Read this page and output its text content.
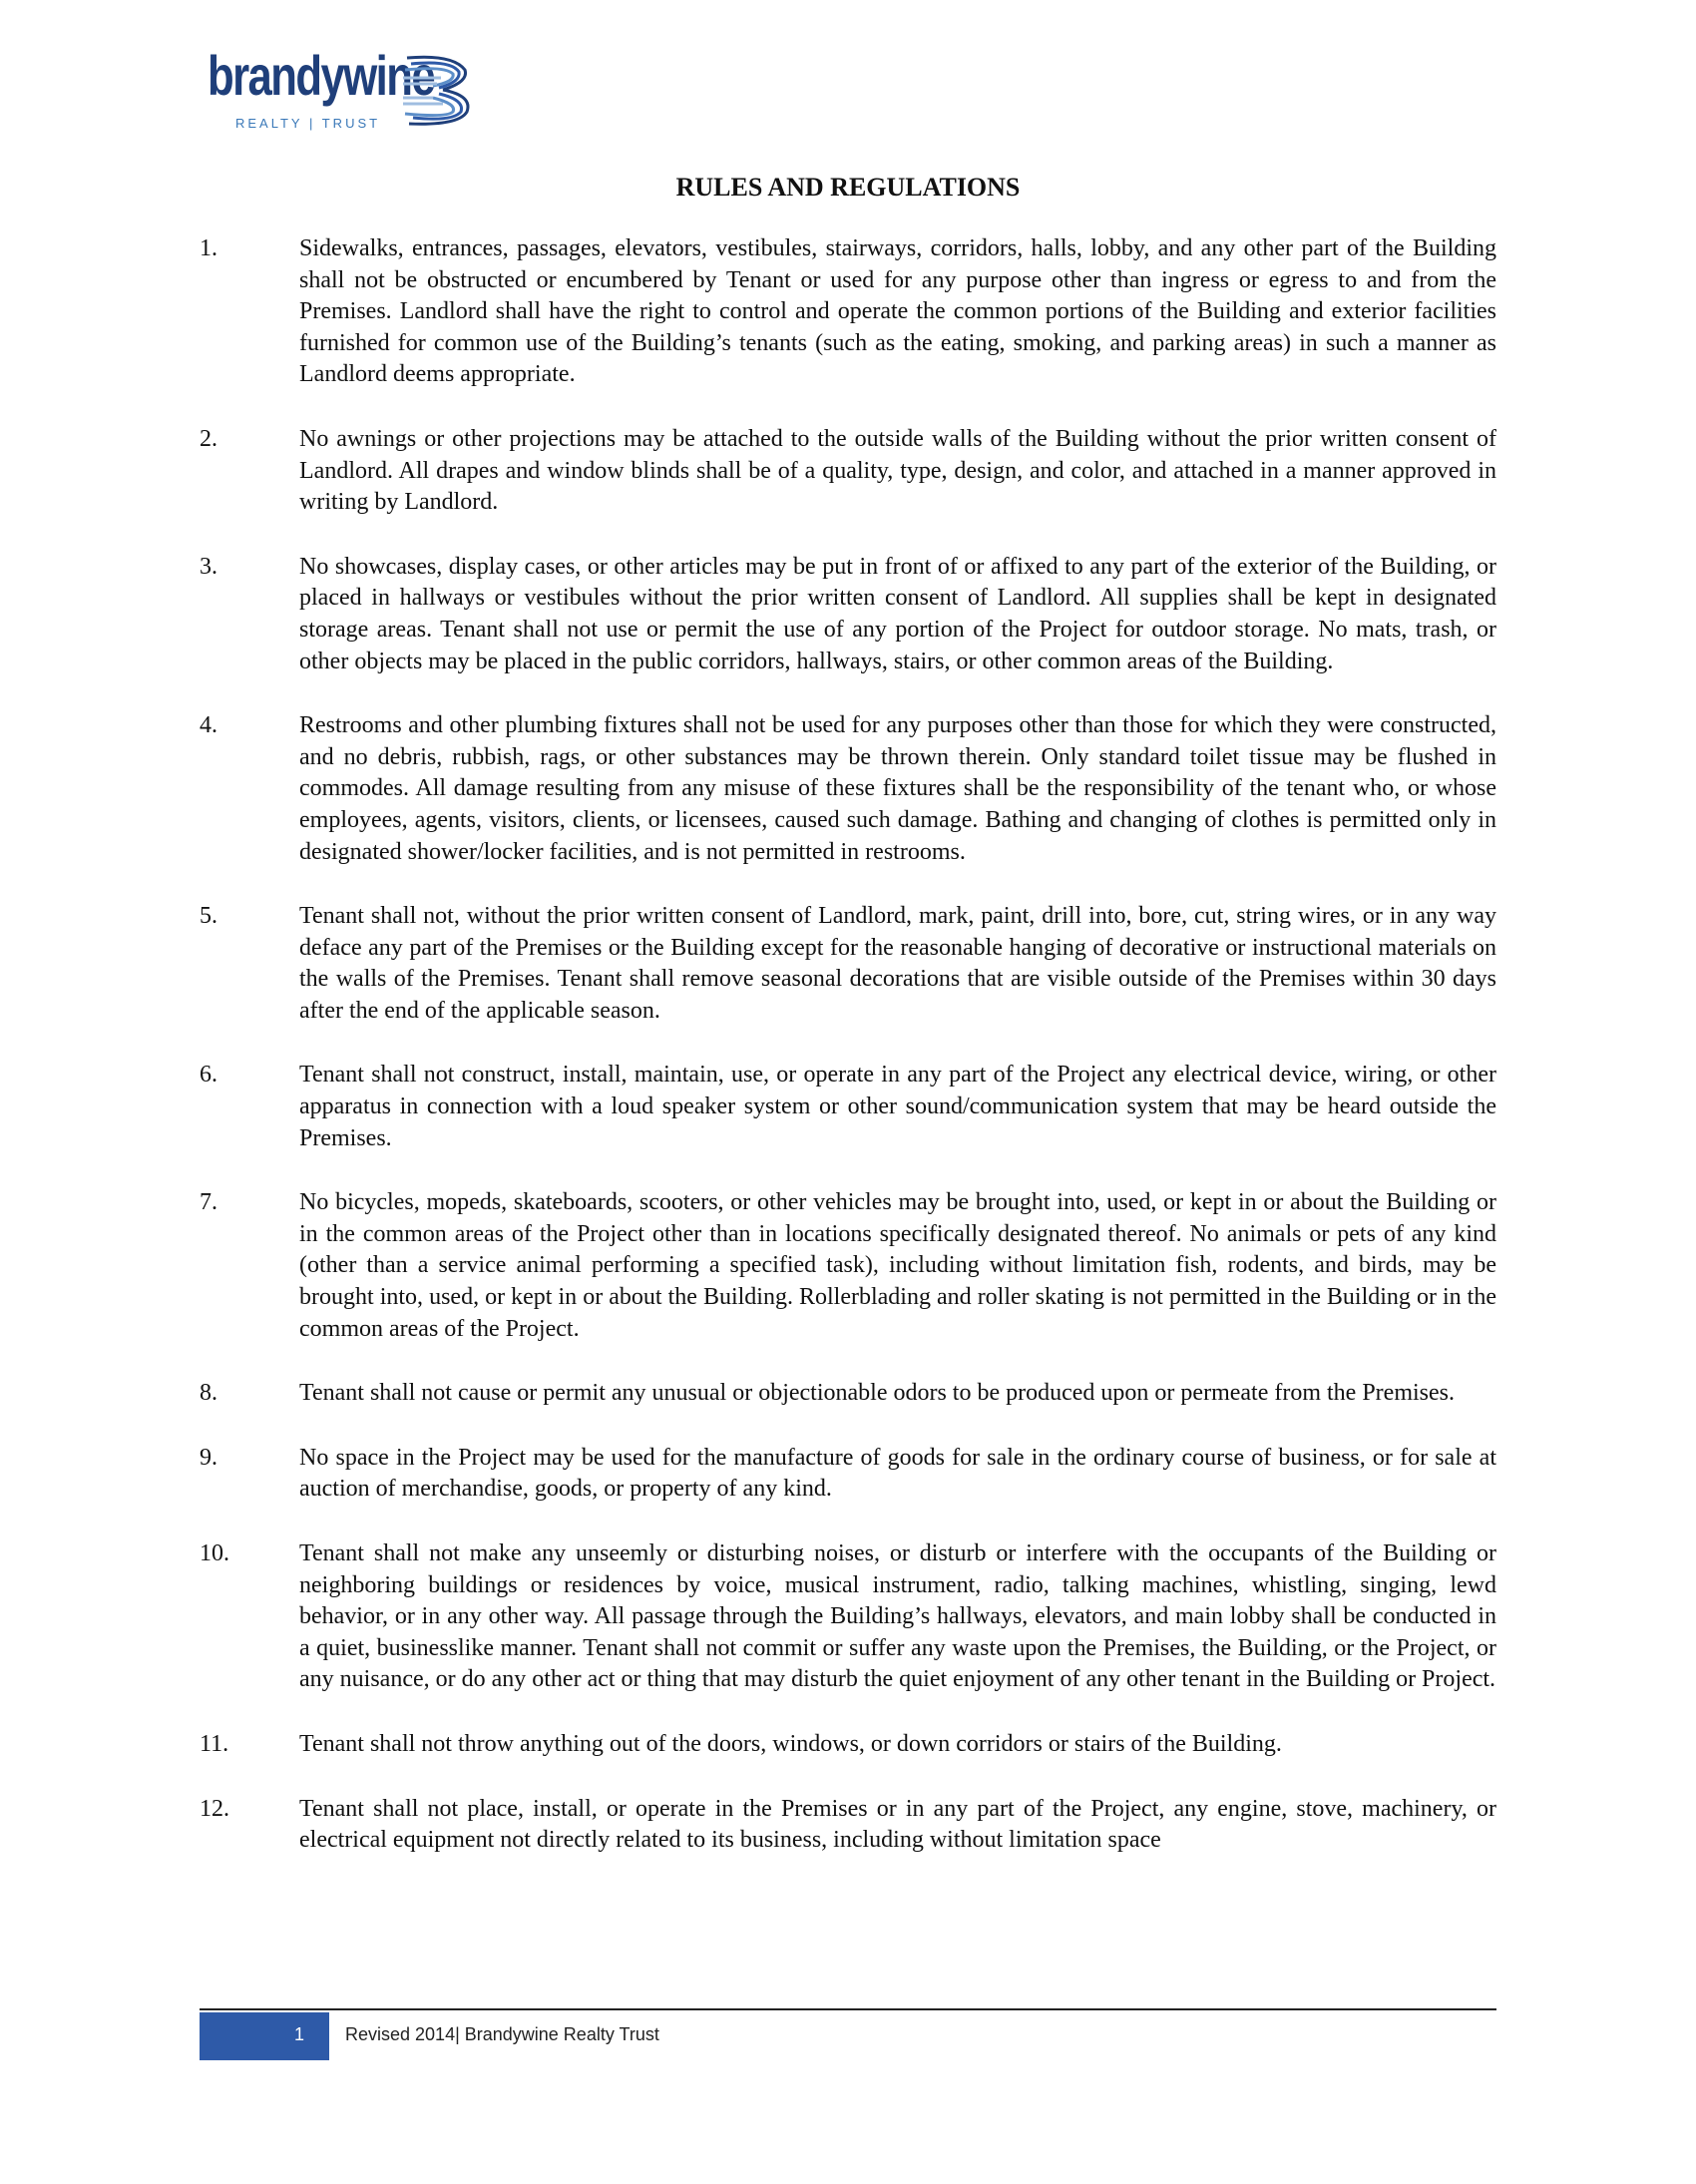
brandywine
REALTY | TRUST
RULES AND REGULATIONS
1.	Sidewalks, entrances, passages, elevators, vestibules, stairways, corridors, halls, lobby, and any other part of the Building shall not be obstructed or encumbered by Tenant or used for any purpose other than ingress or egress to and from the Premises. Landlord shall have the right to control and operate the common portions of the Building and exterior facilities furnished for common use of the Building’s tenants (such as the eating, smoking, and parking areas) in such a manner as Landlord deems appropriate.
2.	No awnings or other projections may be attached to the outside walls of the Building without the prior written consent of Landlord. All drapes and window blinds shall be of a quality, type, design, and color, and attached in a manner approved in writing by Landlord.
3.	No showcases, display cases, or other articles may be put in front of or affixed to any part of the exterior of the Building, or placed in hallways or vestibules without the prior written consent of Landlord. All supplies shall be kept in designated storage areas. Tenant shall not use or permit the use of any portion of the Project for outdoor storage. No mats, trash, or other objects may be placed in the public corridors, hallways, stairs, or other common areas of the Building.
4.	Restrooms and other plumbing fixtures shall not be used for any purposes other than those for which they were constructed, and no debris, rubbish, rags, or other substances may be thrown therein. Only standard toilet tissue may be flushed in commodes. All damage resulting from any misuse of these fixtures shall be the responsibility of the tenant who, or whose employees, agents, visitors, clients, or licensees, caused such damage. Bathing and changing of clothes is permitted only in designated shower/locker facilities, and is not permitted in restrooms.
5.	Tenant shall not, without the prior written consent of Landlord, mark, paint, drill into, bore, cut, string wires, or in any way deface any part of the Premises or the Building except for the reasonable hanging of decorative or instructional materials on the walls of the Premises. Tenant shall remove seasonal decorations that are visible outside of the Premises within 30 days after the end of the applicable season.
6.	Tenant shall not construct, install, maintain, use, or operate in any part of the Project any electrical device, wiring, or other apparatus in connection with a loud speaker system or other sound/communication system that may be heard outside the Premises.
7.	No bicycles, mopeds, skateboards, scooters, or other vehicles may be brought into, used, or kept in or about the Building or in the common areas of the Project other than in locations specifically designated thereof. No animals or pets of any kind (other than a service animal performing a specified task), including without limitation fish, rodents, and birds, may be brought into, used, or kept in or about the Building. Rollerblading and roller skating is not permitted in the Building or in the common areas of the Project.
8.	Tenant shall not cause or permit any unusual or objectionable odors to be produced upon or permeate from the Premises.
9.	No space in the Project may be used for the manufacture of goods for sale in the ordinary course of business, or for sale at auction of merchandise, goods, or property of any kind.
10.	Tenant shall not make any unseemly or disturbing noises, or disturb or interfere with the occupants of the Building or neighboring buildings or residences by voice, musical instrument, radio, talking machines, whistling, singing, lewd behavior, or in any other way. All passage through the Building’s hallways, elevators, and main lobby shall be conducted in a quiet, businesslike manner. Tenant shall not commit or suffer any waste upon the Premises, the Building, or the Project, or any nuisance, or do any other act or thing that may disturb the quiet enjoyment of any other tenant in the Building or Project.
11.	Tenant shall not throw anything out of the doors, windows, or down corridors or stairs of the Building.
12.	Tenant shall not place, install, or operate in the Premises or in any part of the Project, any engine, stove, machinery, or electrical equipment not directly related to its business, including without limitation space
1 Revised 2014| Brandywine Realty Trust
